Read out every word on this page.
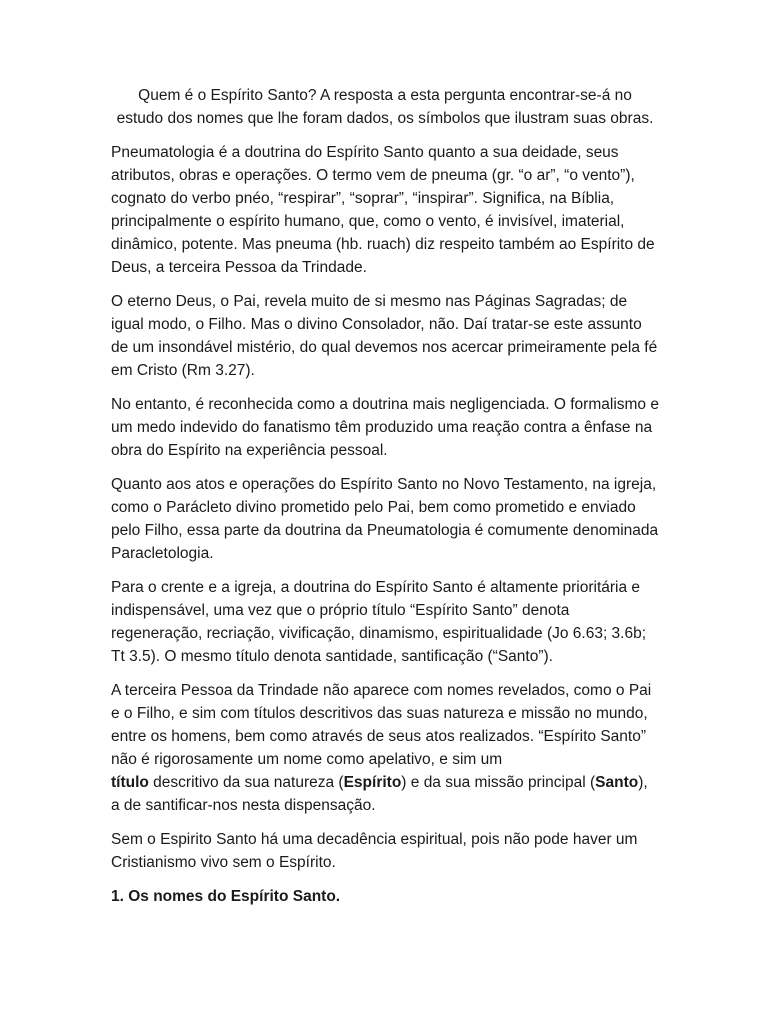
Quem é o Espírito Santo? A resposta a esta pergunta encontrar-se-á no estudo dos nomes que lhe foram dados, os símbolos que ilustram suas obras.

Pneumatologia é a doutrina do Espírito Santo quanto a sua deidade, seus atributos, obras e operações. O termo vem de pneuma (gr. “o ar”, “o vento”), cognato do verbo pnéo, “respirar”, “soprar”, “inspirar”. Significa, na Bíblia, principalmente o espírito humano, que, como o vento, é invisível, imaterial, dinâmico, potente. Mas pneuma (hb. ruach) diz respeito também ao Espírito de Deus, a terceira Pessoa da Trindade.

O eterno Deus, o Pai, revela muito de si mesmo nas Páginas Sagradas; de igual modo, o Filho. Mas o divino Consolador, não. Daí tratar-se este assunto de um insondável mistério, do qual devemos nos acercar primeiramente pela fé em Cristo (Rm 3.27).

No entanto, é reconhecida como a doutrina mais negligenciada. O formalismo e um medo indevido do fanatismo têm produzido uma reação contra a ênfase na obra do Espírito na experiência pessoal.

Quanto aos atos e operações do Espírito Santo no Novo Testamento, na igreja, como o Parácleto divino prometido pelo Pai, bem como prometido e enviado pelo Filho, essa parte da doutrina da Pneumatologia é comumente denominada Paracletologia.

Para o crente e a igreja, a doutrina do Espírito Santo é altamente prioritária e indispensável, uma vez que o próprio título “Espírito Santo” denota regeneração, recriação, vivificação, dinamismo, espiritualidade (Jo 6.63; 3.6b; Tt 3.5). O mesmo título denota santidade, santificação (“Santo”).

A terceira Pessoa da Trindade não aparece com nomes revelados, como o Pai e o Filho, e sim com títulos descritivos das suas natureza e missão no mundo, entre os homens, bem como através de seus atos realizados. “Espírito Santo” não é rigorosamente um nome como apelativo, e sim um
título descritivo da sua natureza (Espírito) e da sua missão principal (Santo), a de santificar-nos nesta dispensação.

Sem o Espirito Santo há uma decadência espiritual, pois não pode haver um Cristianismo vivo sem o Espírito.

1. Os nomes do Espírito Santo.
